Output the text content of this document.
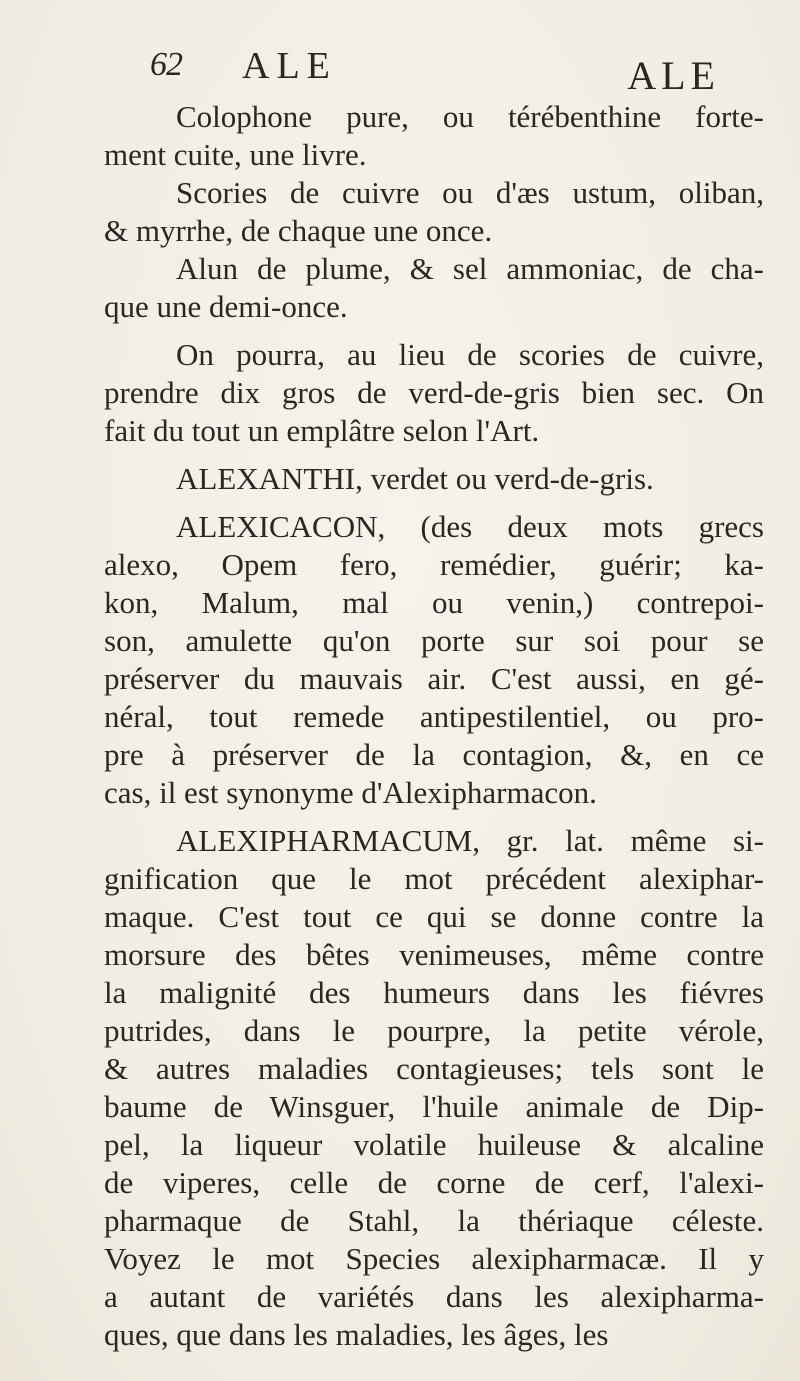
62 ALE	ALE

Colophone pure, ou térébenthine forte-
ment cuite, une livre.

Scories de cuivre ou d'æs ustum, oliban,
& myrrhe, de chaque une once.

Alun de plume, & sel ammoniac, de cha-
que une demi-once.

On pourra, au lieu de scories de cuivre,
prendre dix gros de verd-de-gris bien sec. On
fait du tout un emplâtre selon l'Art.

ALEXANTHI, verdet ou verd-de-gris.

ALEXICACON, (des deux mots grecs
alexo, Opem fero, remédier, guérir; ka-
kon, Malum, mal ou venin,) contrepoi-
son, amulette qu'on porte sur soi pour se
préserver du mauvais air. C'est aussi, en gé-
néral, tout remede antipestilentiel, ou pro-
pre à préserver de la contagion, &, en ce
cas, il est synonyme d'Alexipharmacon.

ALEXIPHARMACUM, gr. lat. même si-
gnification que le mot précédent alexiphar-
maque. C'est tout ce qui se donne contre la
morsure des bêtes venimeuses, même contre
la malignité des humeurs dans les fiévres
putrides, dans le pourpre, la petite vérole,
& autres maladies contagieuses; tels sont le
baume de Winsguer, l'huile animale de Dip-
pel, la liqueur volatile huileuse & alcaline
de viperes, celle de corne de cerf, l'alexi-
pharmaque de Stahl, la thériaque céleste.
Voyez le mot Species alexipharmacæ. Il y
a autant de variétés dans les alexipharma-
ques, que dans les maladies, les âges, les
